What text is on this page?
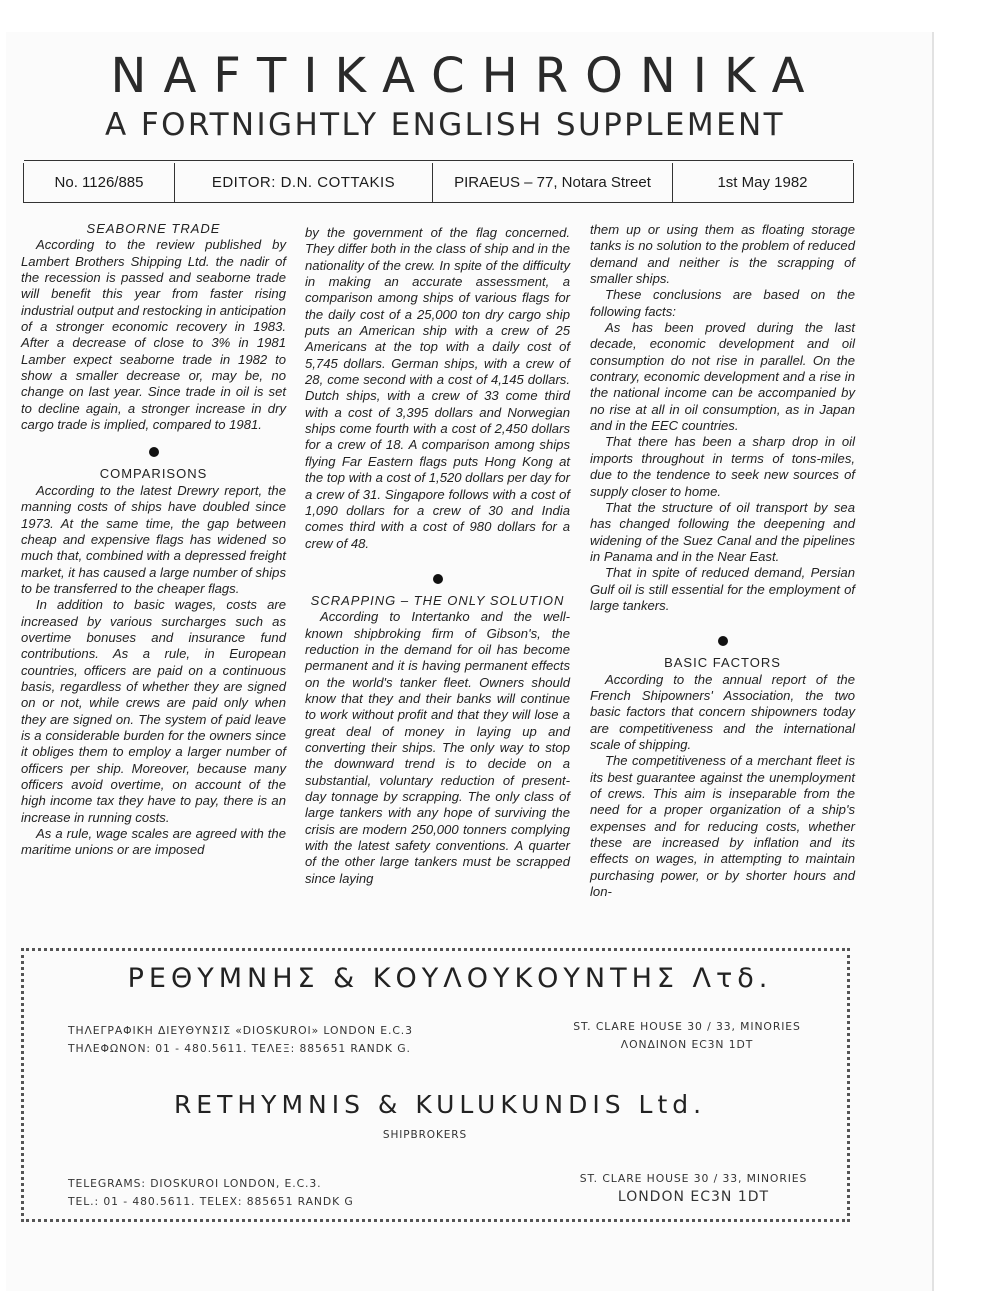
NAFTIKACHRONIKA
A FORTNIGHTLY ENGLISH SUPPLEMENT
No. 1126/885	EDITOR: D.N. COTTAKIS	PIRAEUS – 77, Notara Street	1st May 1982
SEABORNE TRADE

According to the review published by Lambert Brothers Shipping Ltd. the nadir of the recession is passed and seaborne trade will benefit this year from faster rising industrial output and restocking in anticipation of a stronger economic recovery in 1983. After a decrease of close to 3% in 1981 Lamber expect seaborne trade in 1982 to show a smaller decrease or, may be, no change on last year. Since trade in oil is set to decline again, a stronger increase in dry cargo trade is implied, compared to 1981.

COMPARISONS

According to the latest Drewry report, the manning costs of ships have doubled since 1973. At the same time, the gap between cheap and expensive flags has widened so much that, combined with a depressed freight market, it has caused a large number of ships to be transferred to the cheaper flags.

In addition to basic wages, costs are increased by various surcharges such as overtime bonuses and insurance fund contributions. As a rule, in European countries, officers are paid on a continuous basis, regardless of whether they are signed on or not, while crews are paid only when they are signed on. The system of paid leave is a considerable burden for the owners since it obliges them to employ a larger number of officers per ship. Moreover, because many officers avoid overtime, on account of the high income tax they have to pay, there is an increase in running costs.

As a rule, wage scales are agreed with the maritime unions or are imposed

by the government of the flag concerned. They differ both in the class of ship and in the nationality of the crew. In spite of the difficulty in making an accurate assessment, a comparison among ships of various flags for the daily cost of a 25,000 ton dry cargo ship puts an American ship with a crew of 25 Americans at the top with a daily cost of 5,745 dollars. German ships, with a crew of 28, come second with a cost of 4,145 dollars. Dutch ships, with a crew of 33 come third with a cost of 3,395 dollars and Norwegian ships come fourth with a cost of 2,450 dollars for a crew of 18. A comparison among ships flying Far Eastern flags puts Hong Kong at the top with a cost of 1,520 dollars per day for a crew of 31. Singapore follows with a cost of 1,090 dollars for a crew of 30 and India comes third with a cost of 980 dollars for a crew of 48.

SCRAPPING – THE ONLY SOLUTION

According to Intertanko and the well-known shipbroking firm of Gibson's, the reduction in the demand for oil has become permanent and it is having permanent effects on the world's tanker fleet. Owners should know that they and their banks will continue to work without profit and that they will lose a great deal of money in laying up and converting their ships. The only way to stop the downward trend is to decide on a substantial, voluntary reduction of present-day tonnage by scrapping. The only class of large tankers with any hope of surviving the crisis are modern 250,000 tonners complying with the latest safety conventions. A quarter of the other large tankers must be scrapped since laying

them up or using them as floating storage tanks is no solution to the problem of reduced demand and neither is the scrapping of smaller ships.

These conclusions are based on the following facts:

As has been proved during the last decade, economic development and oil consumption do not rise in parallel. On the contrary, economic development and a rise in the national income can be accompanied by no rise at all in oil consumption, as in Japan and in the EEC countries.

That there has been a sharp drop in oil imports throughout in terms of tons-miles, due to the tendence to seek new sources of supply closer to home.

That the structure of oil transport by sea has changed following the deepening and widening of the Suez Canal and the pipelines in Panama and in the Near East.

That in spite of reduced demand, Persian Gulf oil is still essential for the employment of large tankers.

BASIC FACTORS

According to the annual report of the French Shipowners' Association, the two basic factors that concern shipowners today are competitiveness and the international scale of shipping.

The competitiveness of a merchant fleet is its best guarantee against the unemployment of crews. This aim is inseparable from the need for a proper organization of a ship's expenses and for reducing costs, whether these are increased by inflation and its effects on wages, in attempting to maintain purchasing power, or by shorter hours and lon-

ΡΕΘΥΜΝΗΣ & ΚΟΥΛΟΥΚΟΥΝΤΗΣ Λτδ.
ΤΗΛΕΓΡΑΦΙΚΗ ΔΙΕΥΘΥΝΣΙΣ «DIOSKUROI» LONDON E.C.3
ΤΗΛΕΦΩΝΟΝ: 01 - 480.5611. ΤΕΛΕΞ: 885651 RANDK G.
ST. CLARE HOUSE 30 / 33, MINORIES
ΛΟΝΔΙΝΟΝ EC3N 1DT
RETHYMNIS & KULUKUNDIS Ltd.
SHIPBROKERS
TELEGRAMS: DIOSKUROI LONDON, E.C.3.
TEL.: 01 - 480.5611. TELEX: 885651 RANDK G
ST. CLARE HOUSE 30 / 33, MINORIES
LONDON EC3N 1DT
